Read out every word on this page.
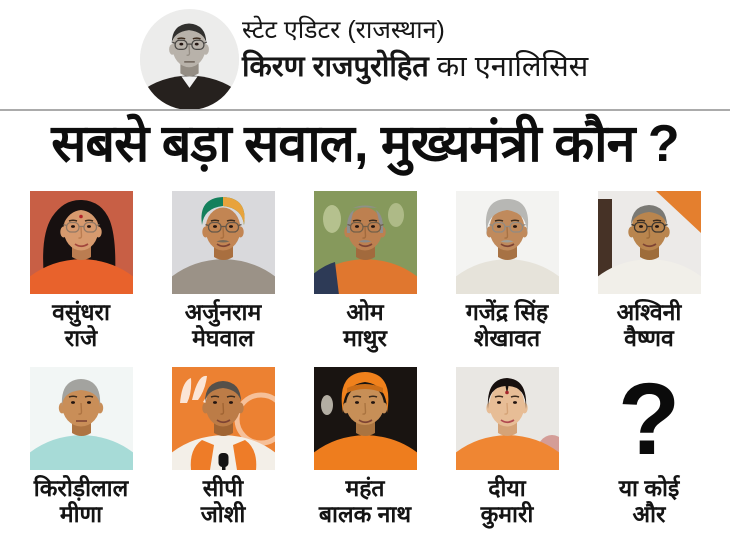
स्टेट एडिटर (राजस्थान)
किरण राजपुरोहित का एनालिसिस
सबसे बड़ा सवाल, मुख्यमंत्री कौन ?
वसुंधरा
राजे
अर्जुनराम
मेघवाल
ओम
माथुर
गजेंद्र सिंह
शेखावत
अश्विनी
वैष्णव
किरोड़ीलाल
मीणा
सीपी
जोशी
महंत
बालक नाथ
दीया
कुमारी
?
या कोई
और
